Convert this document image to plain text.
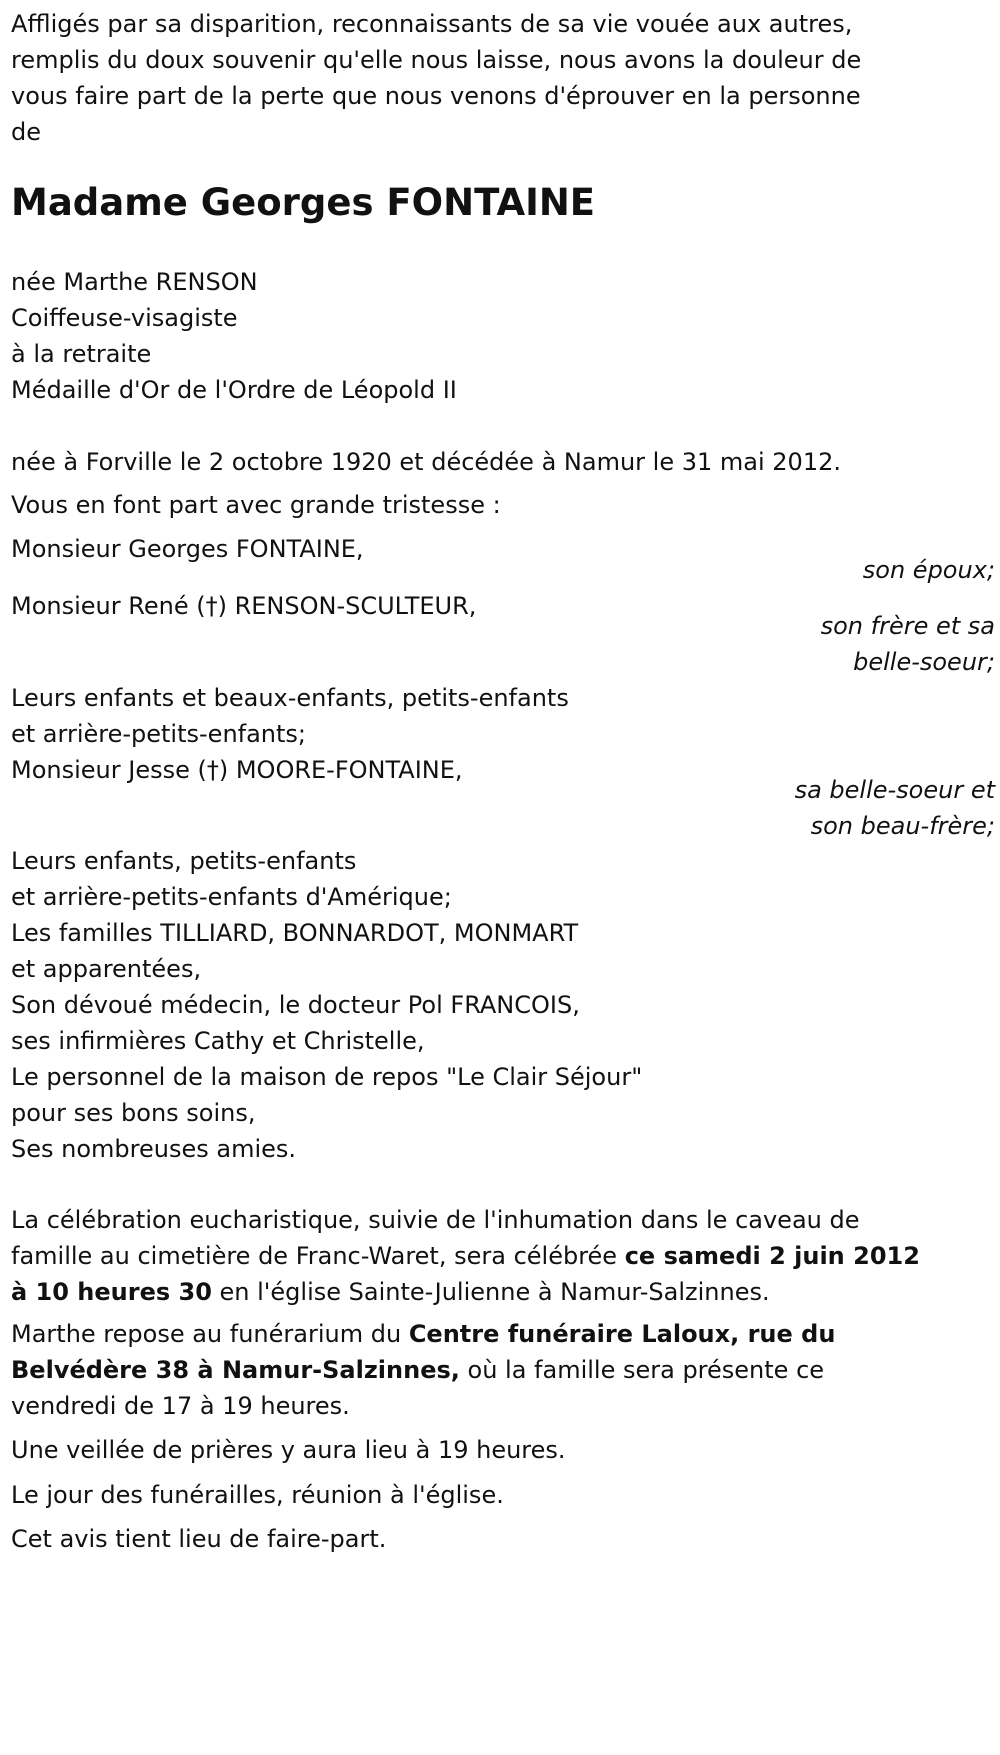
Affligés par sa disparition, reconnaissants de sa vie vouée aux autres,
remplis du doux souvenir qu'elle nous laisse, nous avons la douleur de
vous faire part de la perte que nous venons d'éprouver en la personne
de
Madame Georges FONTAINE
née Marthe RENSON
Coiffeuse-visagiste
à la retraite
Médaille d'Or de l'Ordre de Léopold II
née à Forville le 2 octobre 1920 et décédée à Namur le 31 mai 2012.
Vous en font part avec grande tristesse :
Monsieur Georges FONTAINE,
son époux;
Monsieur René (†) RENSON-SCULTEUR,
son frère et sa
belle-soeur;
Leurs enfants et beaux-enfants, petits-enfants
et arrière-petits-enfants;
Monsieur Jesse (†) MOORE-FONTAINE,
sa belle-soeur et
son beau-frère;
Leurs enfants, petits-enfants
et arrière-petits-enfants d'Amérique;
Les familles TILLIARD, BONNARDOT, MONMART
et apparentées,
Son dévoué médecin, le docteur Pol FRANCOIS,
ses infirmières Cathy et Christelle,
Le personnel de la maison de repos "Le Clair Séjour"
pour ses bons soins,
Ses nombreuses amies.
La célébration eucharistique, suivie de l'inhumation dans le caveau de
famille au cimetière de Franc-Waret, sera célébrée ce samedi 2 juin 2012
à 10 heures 30 en l'église Sainte-Julienne à Namur-Salzinnes.
Marthe repose au funérarium du Centre funéraire Laloux, rue du
Belvédère 38 à Namur-Salzinnes, où la famille sera présente ce
vendredi de 17 à 19 heures.
Une veillée de prières y aura lieu à 19 heures.
Le jour des funérailles, réunion à l'église.
Cet avis tient lieu de faire-part.
